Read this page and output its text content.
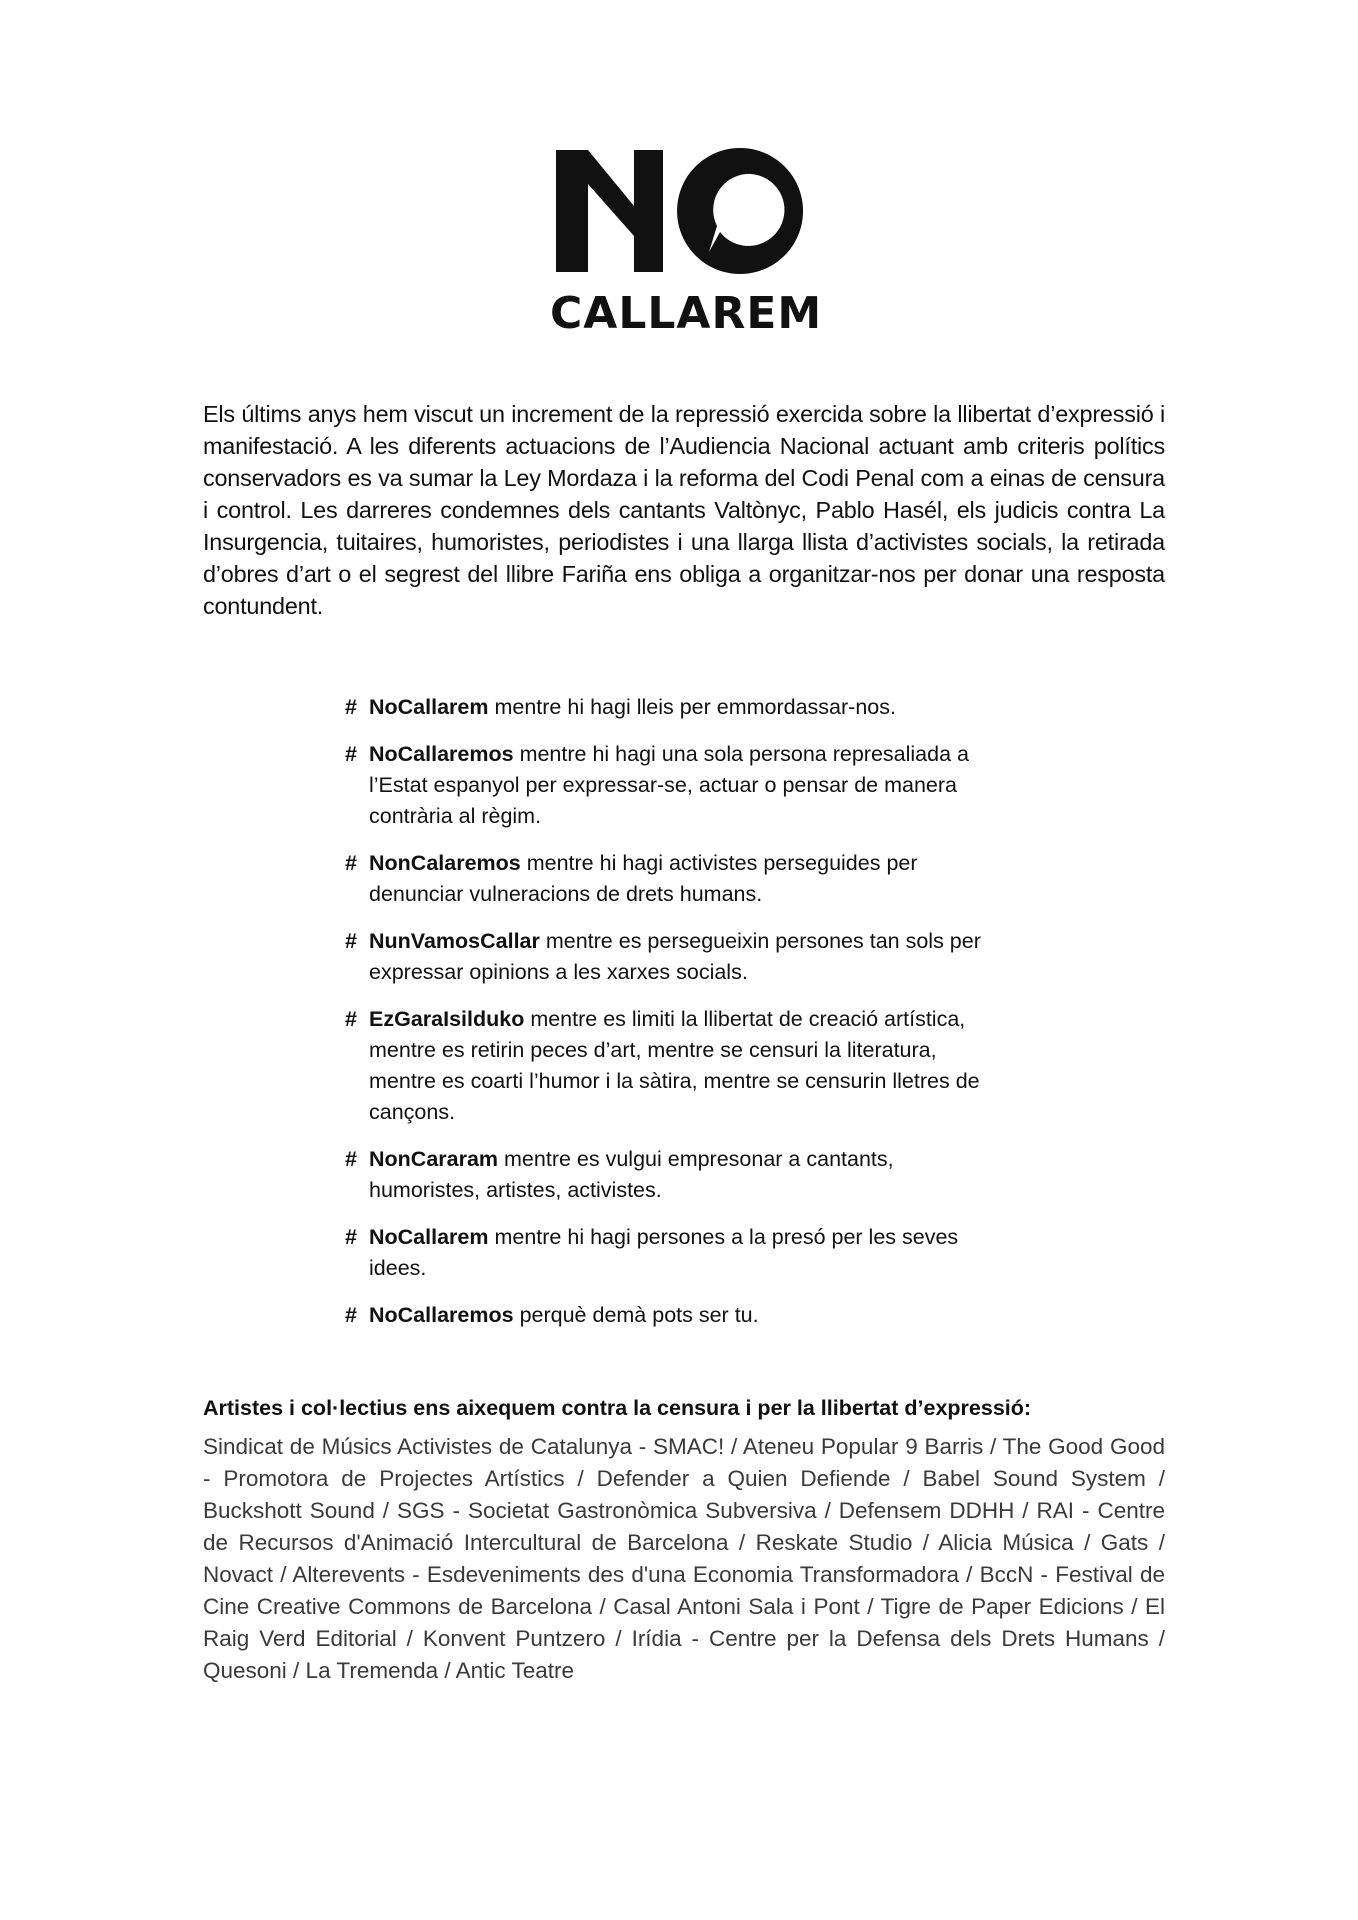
CALLAREM

Els últims anys hem viscut un increment de la repressió exercida sobre la llibertat d’expressió i manifestació. A les diferents actuacions de l’Audiencia Nacional actuant amb criteris polítics conservadors es va sumar la Ley Mordaza i la reforma del Codi Penal com a einas de censura i control. Les darreres condemnes dels cantants Valtònyc, Pablo Hasél, els judicis contra La Insurgencia, tuitaires, humoristes, periodistes i una llarga llista d’activistes socials, la retirada d’obres d’art o el segrest del llibre Fariña ens obliga a organitzar-nos per donar una resposta contundent.

# NoCallarem mentre hi hagi lleis per emmordassar-nos.
# NoCallaremos mentre hi hagi una sola persona represaliada a l’Estat espanyol per expressar-se, actuar o pensar de manera contrària al règim.
# NonCalaremos mentre hi hagi activistes perseguides per denunciar vulneracions de drets humans.
# NunVamosCallar mentre es persegueixin persones tan sols per expressar opinions a les xarxes socials.
# EzGaraIsilduko mentre es limiti la llibertat de creació artística, mentre es retirin peces d’art, mentre se censuri la literatura, mentre es coarti l’humor i la sàtira, mentre se censurin lletres de cançons.
# NonCararam mentre es vulgui empresonar a cantants, humoristes, artistes, activistes.
# NoCallarem mentre hi hagi persones a la presó per les seves idees.
# NoCallaremos perquè demà pots ser tu.
Artistes i col·lectius ens aixequem contra la censura i per la llibertat d’expressió:

Sindicat de Músics Activistes de Catalunya - SMAC! / Ateneu Popular 9 Barris / The Good Good - Promotora de Projectes Artístics / Defender a Quien Defiende / Babel Sound System / Buckshott Sound / SGS - Societat Gastronòmica Subversiva / Defensem DDHH / RAI - Centre de Recursos d'Animació Intercultural de Barcelona / Reskate Studio / Alicia Música / Gats / Novact / Alterevents - Esdeveniments des d'una Economia Transformadora / BccN - Festival de Cine Creative Commons de Barcelona / Casal Antoni Sala i Pont / Tigre de Paper Edicions / El Raig Verd Editorial / Konvent Puntzero / Irídia - Centre per la Defensa dels Drets Humans / Quesoni / La Tremenda / Antic Teatre
